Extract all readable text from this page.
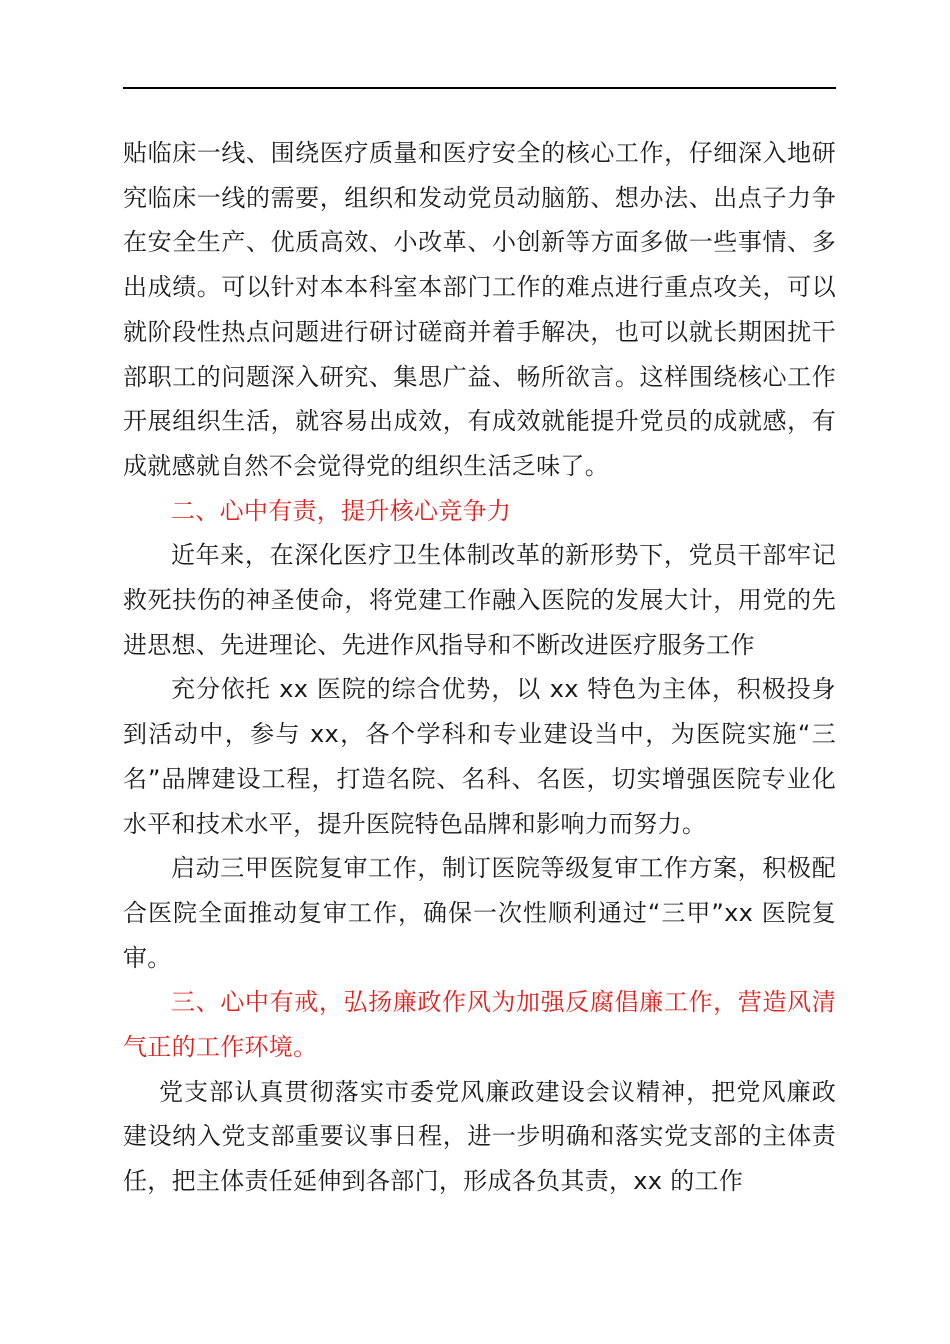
贴临床一线、围绕医疗质量和医疗安全的核心工作，仔细深入地研究临床一线的需要，组织和发动党员动脑筋、想办法、出点子力争在安全生产、优质高效、小改革、小创新等方面多做一些事情、多出成绩。可以针对本本科室本部门工作的难点进行重点攻关，可以就阶段性热点问题进行研讨磋商并着手解决，也可以就长期困扰干部职工的问题深入研究、集思广益、畅所欲言。这样围绕核心工作开展组织生活，就容易出成效，有成效就能提升党员的成就感，有成就感就自然不会觉得党的组织生活乏味了。

二、心中有责，提升核心竞争力

近年来，在深化医疗卫生体制改革的新形势下，党员干部牢记救死扶伤的神圣使命，将党建工作融入医院的发展大计，用党的先进思想、先进理论、先进作风指导和不断改进医疗服务工作

充分依托 xx 医院的综合优势，以 xx 特色为主体，积极投身到活动中，参与 xx，各个学科和专业建设当中，为医院实施“三名”品牌建设工程，打造名院、名科、名医，切实增强医院专业化水平和技术水平，提升医院特色品牌和影响力而努力。

启动三甲医院复审工作，制订医院等级复审工作方案，积极配合医院全面推动复审工作，确保一次性顺利通过“三甲”xx 医院复审。

三、心中有戒，弘扬廉政作风为加强反腐倡廉工作，营造风清气正的工作环境。

党支部认真贯彻落实市委党风廉政建设会议精神，把党风廉政建设纳入党支部重要议事日程，进一步明确和落实党支部的主体责任，把主体责任延伸到各部门，形成各负其责，xx 的工作
